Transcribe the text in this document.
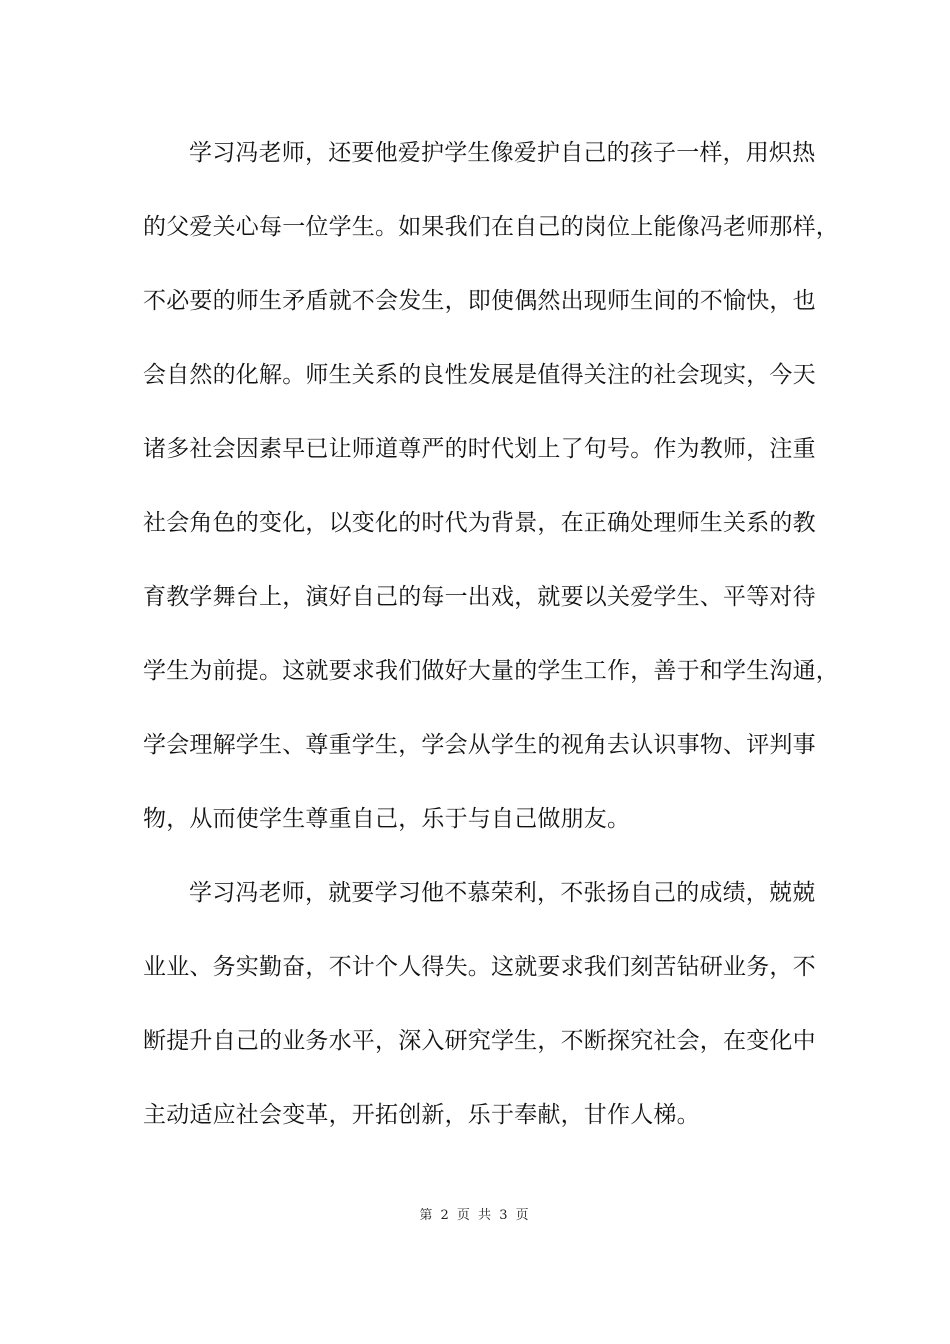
学习冯老师，还要他爱护学生像爱护自己的孩子一样，用炽热
的父爱关心每一位学生。如果我们在自己的岗位上能像冯老师那样，
不必要的师生矛盾就不会发生，即使偶然出现师生间的不愉快，也
会自然的化解。师生关系的良性发展是值得关注的社会现实，今天
诸多社会因素早已让师道尊严的时代划上了句号。作为教师，注重
社会角色的变化，以变化的时代为背景，在正确处理师生关系的教
育教学舞台上，演好自己的每一出戏，就要以关爱学生、平等对待
学生为前提。这就要求我们做好大量的学生工作，善于和学生沟通，
学会理解学生、尊重学生，学会从学生的视角去认识事物、评判事
物，从而使学生尊重自己，乐于与自己做朋友。
学习冯老师，就要学习他不慕荣利，不张扬自己的成绩，兢兢
业业、务实勤奋，不计个人得失。这就要求我们刻苦钻研业务，不
断提升自己的业务水平，深入研究学生，不断探究社会，在变化中
主动适应社会变革，开拓创新，乐于奉献，甘作人梯。
第 2 页 共 3 页
